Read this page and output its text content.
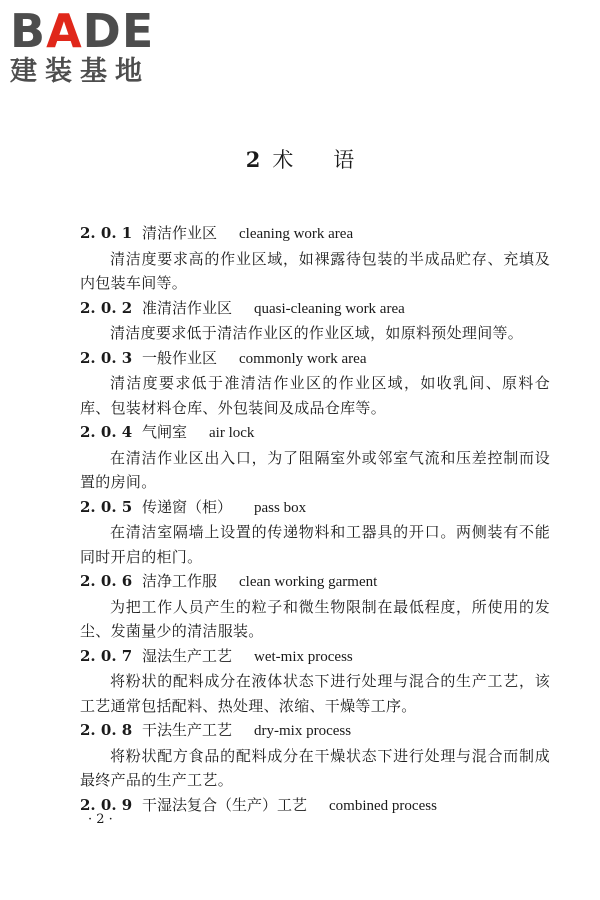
BADE
建装基地
2 术语
2. 0. 1 清洁作业区 cleaning work area

清洁度要求高的作业区域，如裸露待包装的半成品贮存、充填及内包装车间等。

2. 0. 2 准清洁作业区 quasi-cleaning work area

清洁度要求低于清洁作业区的作业区域，如原料预处理间等。

2. 0. 3 一般作业区 commonly work area

清洁度要求低于准清洁作业区的作业区域，如收乳间、原料仓库、包装材料仓库、外包装间及成品仓库等。

2. 0. 4 气闸室 air lock

在清洁作业区出入口，为了阻隔室外或邻室气流和压差控制而设置的房间。

2. 0. 5 传递窗（柜） pass box

在清洁室隔墙上设置的传递物料和工器具的开口。两侧装有不能同时开启的柜门。

2. 0. 6 洁净工作服 clean working garment

为把工作人员产生的粒子和微生物限制在最低程度，所使用的发尘、发菌量少的清洁服装。

2. 0. 7 湿法生产工艺 wet-mix process

将粉状的配料成分在液体状态下进行处理与混合的生产工艺，该工艺通常包括配料、热处理、浓缩、干燥等工序。

2. 0. 8 干法生产工艺 dry-mix process

将粉状配方食品的配料成分在干燥状态下进行处理与混合而制成最终产品的生产工艺。

2. 0. 9 干湿法复合（生产）工艺 combined process
· 2 ·
